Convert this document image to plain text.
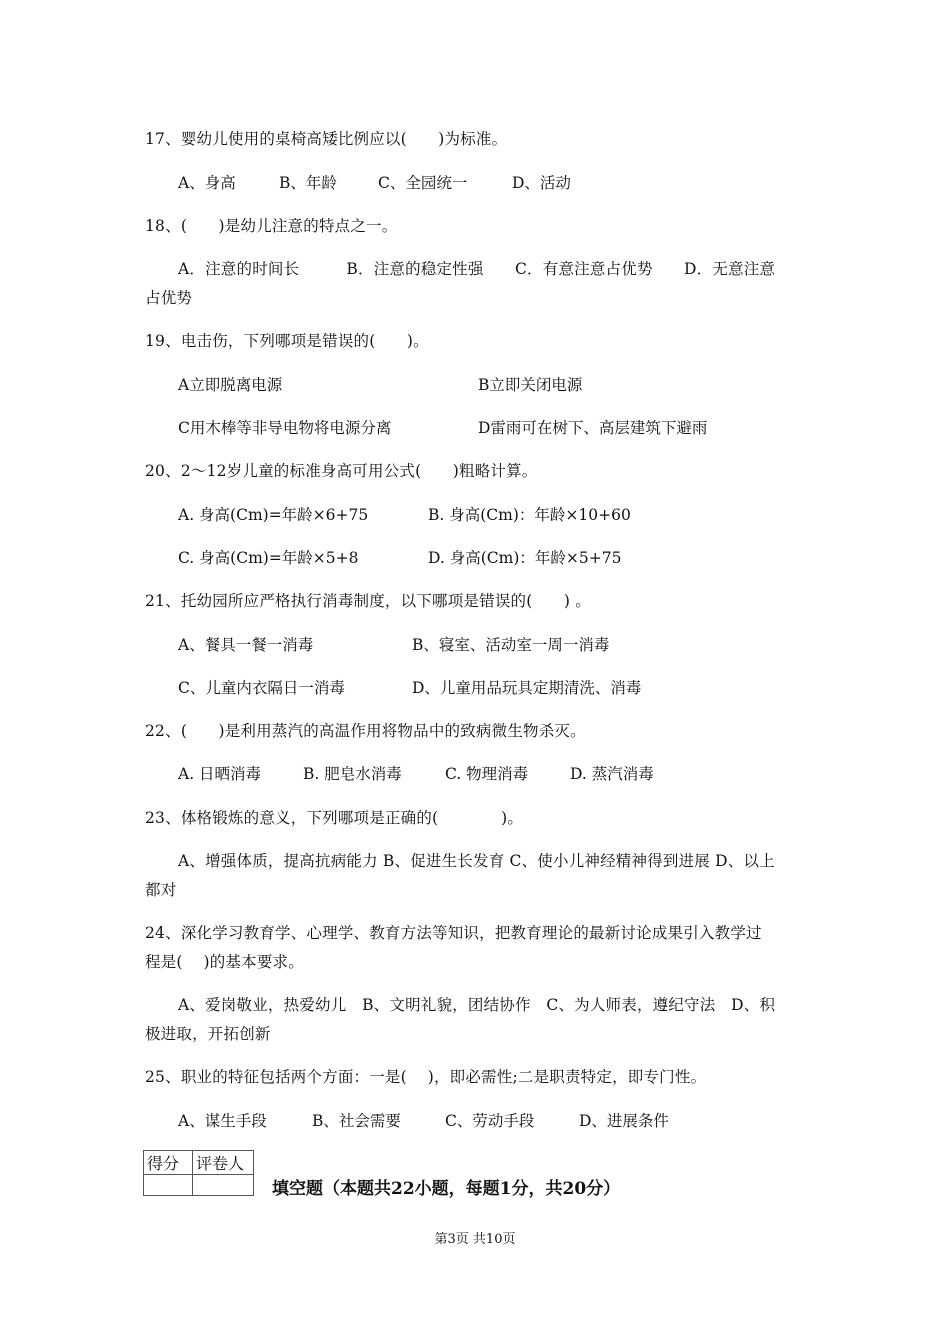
17、婴幼儿使用的桌椅高矮比例应以(　　)为标准。
A、身高	B、年龄	C、全园统一	D、活动
18、(　　)是幼儿注意的特点之一。
A．注意的时间长　　　B．注意的稳定性强　　C．有意注意占优势　　D．无意注意
占优势
19、电击伤，下列哪项是错误的(　　)。
A立即脱离电源	B立即关闭电源
C用木棒等非导电物将电源分离	D雷雨可在树下、高层建筑下避雨
20、2～12岁儿童的标准身高可用公式(　　)粗略计算。
A. 身高(Cm)=年龄×6+75	B. 身高(Cm)：年龄×10+60
C. 身高(Cm)=年龄×5+8	D. 身高(Cm)：年龄×5+75
21、托幼园所应严格执行消毒制度，以下哪项是错误的(　　) 。
A、餐具一餐一消毒	B、寝室、活动室一周一消毒
C、儿童内衣隔日一消毒	D、儿童用品玩具定期清洗、消毒
22、(　　)是利用蒸汽的高温作用将物品中的致病微生物杀灭。
A. 日晒消毒	B. 肥皂水消毒	C. 物理消毒	D. 蒸汽消毒
23、体格锻炼的意义，下列哪项是正确的(　　　　)。
A、增强体质，提高抗病能力 B、促进生长发育 C、使小儿神经精神得到进展 D、以上
都对
24、深化学习教育学、心理学、教育方法等知识，把教育理论的最新讨论成果引入教学过
程是(　 )的基本要求。
A、爱岗敬业，热爱幼儿　B、文明礼貌，团结协作　C、为人师表，遵纪守法　D、积
极进取，开拓创新
25、职业的特征包括两个方面：一是(　 )，即必需性;二是职责特定，即专门性。
A、谋生手段	B、社会需要	C、劳动手段	D、进展条件
得分	评卷人

填空题（本题共22小题，每题1分，共20分）
第3页 共10页
